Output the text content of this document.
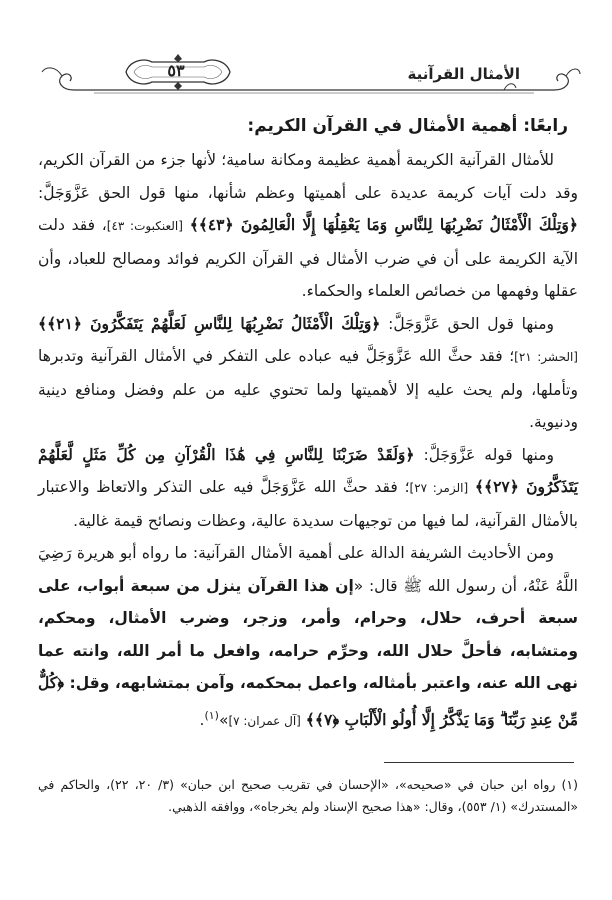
٥٣	الأمثال القرآنية
رابعًا: أهمية الأمثال في القرآن الكريم:

للأمثال القرآنية الكريمة أهمية عظيمة ومكانة سامية؛ لأنها جزء من القرآن الكريم، وقد دلت آيات كريمة عديدة على أهميتها وعظم شأنها، منها قول الحق عَزَّوَجَلَّ: ﴿وَتِلْكَ الْأَمْثَالُ نَضْرِبُهَا لِلنَّاسِ وَمَا يَعْقِلُهَا إِلَّا الْعَالِمُونَ ﴿٤٣﴾﴾ [العنكبوت: ٤٣]، فقد دلت الآية الكريمة على أن في ضرب الأمثال في القرآن الكريم فوائد ومصالح للعباد، وأن عقلها وفهمها من خصائص العلماء والحكماء.

ومنها قول الحق عَزَّوَجَلَّ: ﴿وَتِلْكَ الْأَمْثَالُ نَضْرِبُهَا لِلنَّاسِ لَعَلَّهُمْ يَتَفَكَّرُونَ ﴿٢١﴾﴾ [الحشر: ٢١]؛ فقد حثَّ الله عَزَّوَجَلَّ فيه عباده على التفكر في الأمثال القرآنية وتدبرها وتأملها، ولم يحث عليه إلا لأهميتها ولما تحتوي عليه من علم وفضل ومنافع دينية ودنيوية.

ومنها قوله عَزَّوَجَلَّ: ﴿وَلَقَدْ ضَرَبْنَا لِلنَّاسِ فِي هَٰذَا الْقُرْآنِ مِن كُلِّ مَثَلٍ لَّعَلَّهُمْ يَتَذَكَّرُونَ ﴿٢٧﴾﴾ [الزمر: ٢٧]؛ فقد حثَّ الله عَزَّوَجَلَّ فيه على التذكر والاتعاظ والاعتبار بالأمثال القرآنية، لما فيها من توجيهات سديدة عالية، وعظات ونصائح قيمة غالية.

ومن الأحاديث الشريفة الدالة على أهمية الأمثال القرآنية: ما رواه أبو هريرة رَضِيَ اللَّهُ عَنْهُ، أن رسول الله ﷺ قال: «إن هذا القرآن ينزل من سبعة أبواب، على سبعة أحرف، حلال، وحرام، وأمر، وزجر، وضرب الأمثال، ومحكم، ومتشابه، فأحلَّ حلال الله، وحرِّم حرامه، وافعل ما أمر الله، وانته عما نهى الله عنه، واعتبر بأمثاله، واعمل بمحكمه، وآمن بمتشابهه، وقل: ﴿كُلٌّ مِّنْ عِندِ رَبِّنَا ۗ وَمَا يَذَّكَّرُ إِلَّا أُولُو الْأَلْبَابِ ﴿٧﴾﴾ [آل عمران: ٧]»$^{(١)}$.

(١) رواه ابن حبان في «صحيحه»، «الإحسان في تقريب صحيح ابن حبان» (٣/ ٢٠، ٢٢)، والحاكم في «المستدرك» (١/ ٥٥٣)، وقال: «هذا صحيح الإسناد ولم يخرجاه»، ووافقه الذهبي.
